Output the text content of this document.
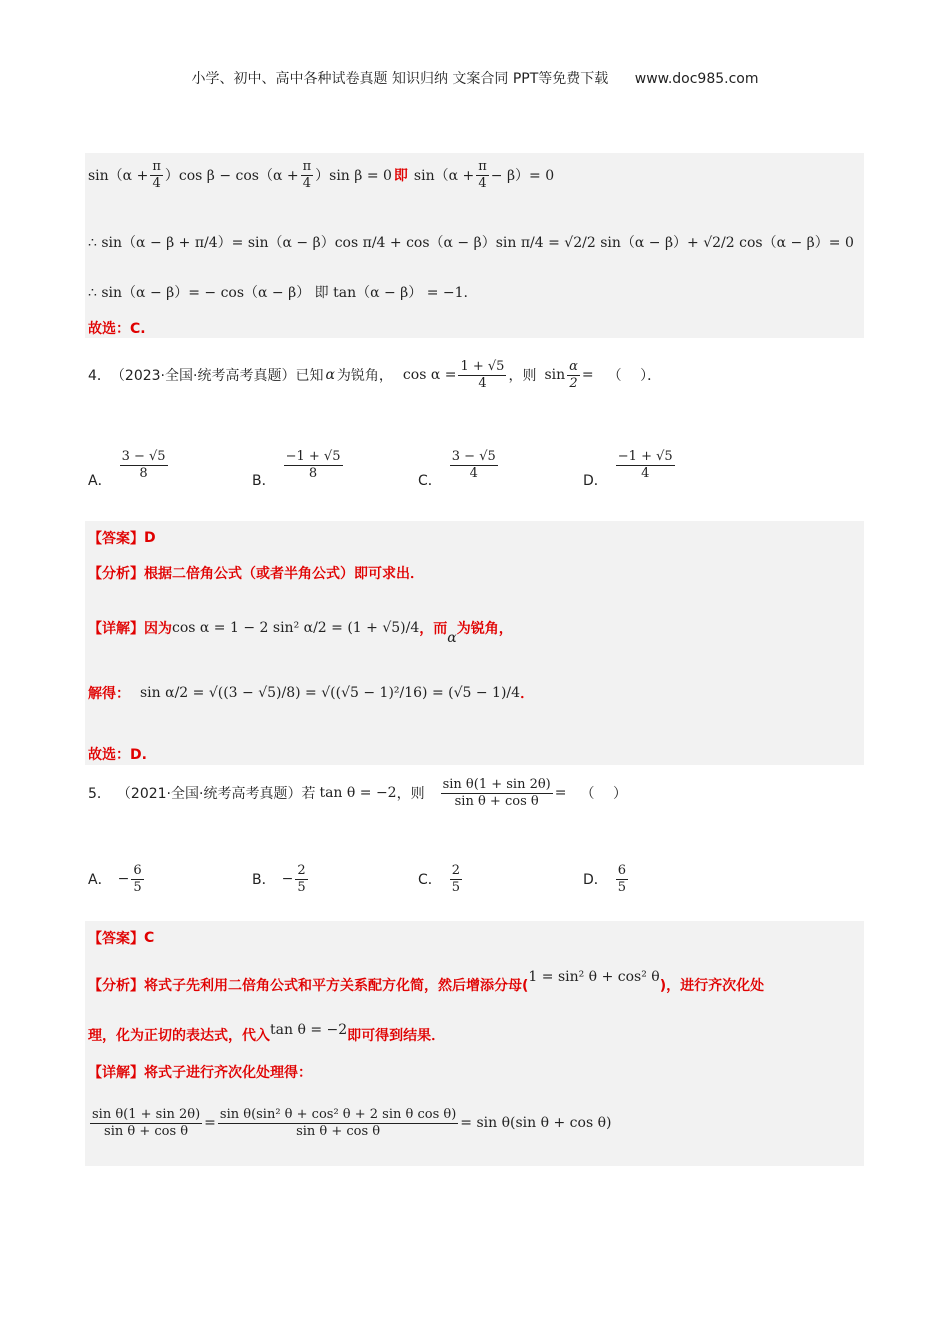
小学、初中、高中各种试卷真题 知识归纳 文案合同 PPT等免费下载 www.doc985.com
$\sin(\alpha + \frac{\pi}{4} )\cos$ $\beta - \cos(\alpha + \frac{\pi}{4} )\sin$ β = 0 即 $\sin(\alpha + \frac{\pi}{4} - \beta)= 0$
∴ sin（α − β + π/4）= sin（α − β）cos π/4 + cos（α − β）sin π/4 = √2/2 sin（α − β）+ √2/2 cos（α − β）= 0
∴ sin（α − β）= − cos（α − β） 即 tan（α − β） = −1.
故选：C.
4． （2023·全国·统考高考真题）已知 α 为锐角， $\cos \alpha = \frac{1 + √5}{4}$ ，则 $\sin \frac{\alpha}{2}$ = （　 ）．
A．
$\frac{3 - √5}{8}$
B．
$\frac{-1 + √5}{8}$
C．
$\frac{3 - √5}{4}$
D．
$\frac{-1 + √5}{4}$
【答案】 D
【分析】 根据二倍角公式（或者半角公式）即可求出．
【详解】 因为 cos α = 1 − 2 sin² α/2 = (1 + √5)/4 ，而
α
为锐角，
解得： sin α/2 = √((3 − √5)/8) = √((√5 − 1)²/16) = (√5 − 1)/4 ．
故选：D.
5． （2021·全国·统考高考真题）若 tan θ = −2 ，则 $\frac{\text{sin θ(1 + sin 2θ)}}{\text{sin θ + cos θ}}$ = （　 ）
A． − $\frac{6}{5}$	B． − $\frac{2}{5}$	C． $\frac{2}{5}$	D． $\frac{6}{5}$
【答案】 C
【分析】 将式子先利用二倍角公式和平方关系配方化简，然后增添分母(
1 = sin² θ + cos² θ
)，进行齐次化处
理，化为正切的表达式，代入 tan θ = −2 即可得到结果．
【详解】 将式子进行齐次化处理得：
$\frac{\text{sin θ(1 + sin 2θ)}}{\text{sin θ + cos θ}} = \frac{\text{sin θ(sin² θ + cos² θ + 2 sin θ cos θ)}}{\text{sin θ + cos θ}} = \sin \theta(\sin$ θ + cos θ)
